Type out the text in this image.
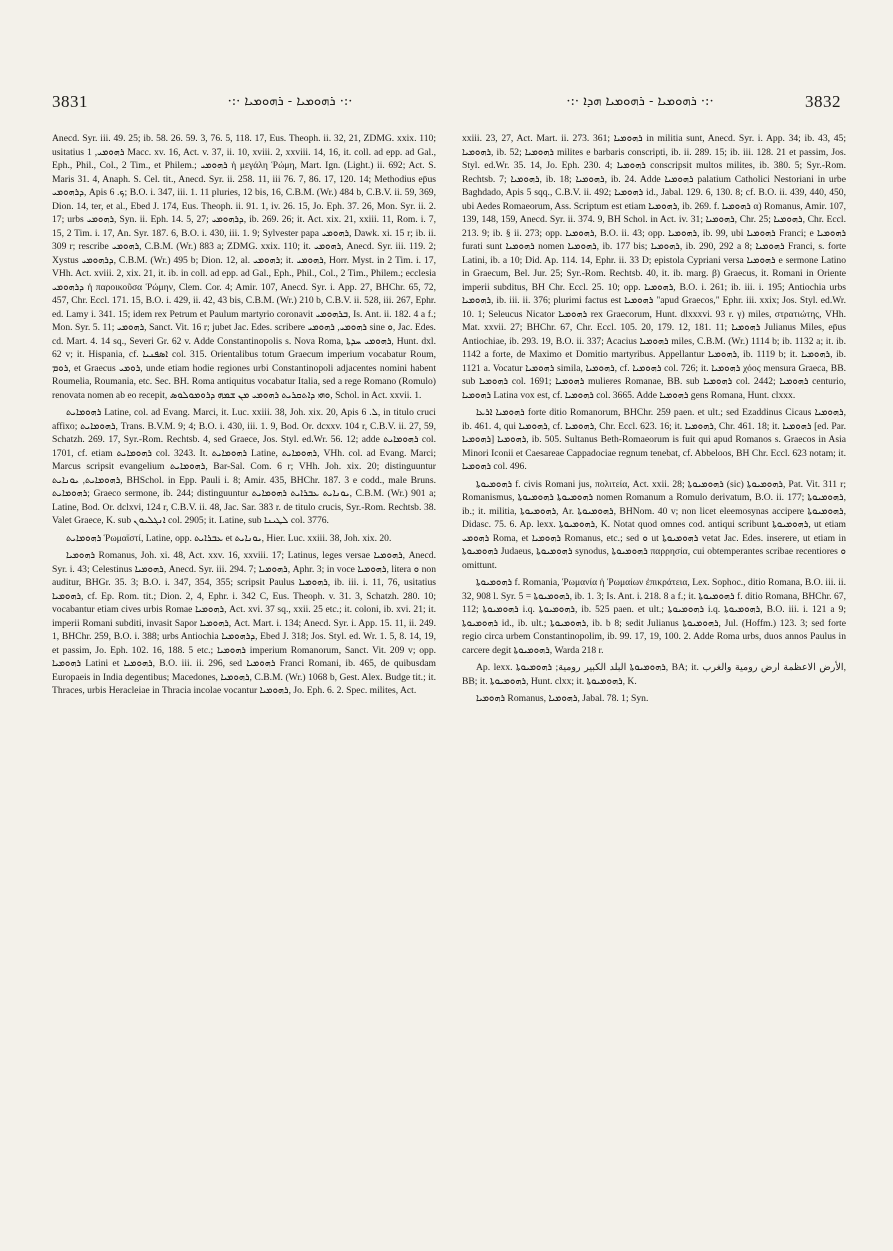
3831	·:· ܪܗܘܡܝܐ - ܪܗܘܡܝܐ ·:·	·:· ܪܗܘܡܝܐ - ܪܗܘܡܝܐ ܗܕܐ ·:·	3832

Anecd. Syr. iii. 49. 25; ib. 58. 26. 59. 3, 76. 5, 118. 17, Eus. Theoph. ii. 32, 21, ZDMG. xxix. 110; usitatius ܪܗܘܡܝ, 1 Macc. xv. 16, Act. v. 37, ii. 10, xviii. 2, xxviii. 14, 16, it. coll. ad epp. ad Gal., Eph., Phil., Col., 2 Tim., et Philem.; ܪܗܘܡܝ ἡ μεγάλη Ῥώμη, Mart. Ign. (Light.) ii. 692; Act. S. Maris 31. 4, Anaph. S. Cel. tit., Anecd. Syr. ii. 258. 11, iii 76. 7, 86. 17, 120. 14; Methodius ep̄us ܕܪܗܘܡܝ, Apis ܟ. 6; B.O. i. 347, iii. 1. 11 pluries, 12 bis, 16, C.B.M. (Wr.) 484 b, C.B.V. ii. 59, 369, Dion. 14, ter, et al., Ebed J. 174, Eus. Theoph. ii. 91. 1, iv. 26. 15, Jo. Eph. 37. 26, Mon. Syr. ii. 2. 17; urbs ܪܗܘܡܝ, Syn. ii. Eph. 14. 5, 27; ܕܪܗܘܡܝ, ib. 269. 26; it. Act. xix. 21, xxiii. 11, Rom. i. 7, 15, 2 Tim. i. 17, An. Syr. 187. 6, B.O. i. 430, iii. 1. 9; Sylvester papa ܪܗܘܡܝ, Dawk. xi. 15 r; ib. ii. 309 r; rescribe ܪܗܘܡܝ, C.B.M. (Wr.) 883 a; ZDMG. xxix. 110; it. ܪܗܘܡܝ, Anecd. Syr. iii. 119. 2; Xystus ܕܪܗܘܡܝ, C.B.M. (Wr.) 495 b; Dion. 12, al. ܪܗܘܡܝ; it. ܪܗܘܡܝ, Horr. Myst. in 2 Tim. i. 17, VHh. Act. xviii. 2, xix. 21, it. ib. in coll. ad epp. ad Gal., Eph., Phil., Col., 2 Tim., Philem.; ecclesia ܕܪܗܘܡܝ ἡ παροικοῦσα Ῥώμην, Clem. Cor. 4; Amir. 107, Anecd. Syr. i. App. 27, BHChr. 65, 72, 457, Chr. Eccl. 171. 15, B.O. i. 429, ii. 42, 43 bis, C.B.M. (Wr.) 210 b, C.B.V. ii. 528, iii. 267, Ephr. ed. Lamy i. 341. 15; idem rex Petrum et Paulum martyrio coronavit ܒܪܗܘܡܝ, Is. Ant. ii. 182. 4 a f.; Mon. Syr. 5. 11; ܪܗܘܡܝ, Sanct. Vit. 16 r; jubet Jac. Edes. scribere ܪܗܘܡܝ, ܪܗܘܡܝ sine ܘ, Jac. Edes. cd. Mart. 4. 14 sq., Severi Gr. 62 v. Adde Constantinopolis s. Nova Roma, ܪܗܘܡܝ ܚܕܬܐ, Hunt. dxl. 62 v; it. Hispania, cf. ܐܣܦܢܝܐ col. 315. Orientalibus totum Graecum imperium vocabatur Roum, ܪܘܡ, et Graecus ܪܘܡܝ, unde etiam hodie regiones urbi Constantinopoli adjacentes nomini habent Roumelia, Roumania, etc. Sec. BH. Roma antiquitus vocabatur Italia, sed a rege Romano (Romulo) renovata nomen ab eo recepit, ܘܗܝ ܕܐܬܩܪܝܬ ܪܗܘܡܝ ܡܢ ܫܡܗ ܕܪܘܡܘܠܘܣ, Schol. in Act. xxvii. 1.

ܪܗܘܡܐܝܬ Latine, col. ad Evang. Marci, it. Luc. xxiii. 38, Joh. xix. 20, Apis ܠ. 6, in titulo cruci affixo; ܪܗܘܡܐܝܬ, Trans. B.V.M. 9; 4; B.O. i. 430, iii. 1. 9, Bod. Or. dcxxv. 104 r, C.B.V. ii. 27, 59, Schatzh. 269. 17, Syr.-Rom. Rechtsb. 4, sed Graece, Jos. Styl. ed.Wr. 56. 12; adde ܪܗܘܡܐܝܬ col. 1701, cf. etiam ܪܗܘܡܐܝܬ col. 3243. It. ܪܗܘܡܐܝܬ Latine, ܪܗܘܡܐܝܬ, VHh. col. ad Evang. Marci; Marcus scripsit evangelium ܪܗܘܡܐܝܬ, Bar-Sal. Com. 6 r; VHh. Joh. xix. 20; distinguuntur ܪܗܘܡܐܝܬ, ܝܘܢܐܝܬ, BHSchol. in Epp. Pauli i. 8; Amir. 435, BHChr. 187. 3 e codd., male Bruns. ܪܗܘܡܐܝܬ; Graeco sermone, ib. 244; distinguuntur ܝܘܢܐܝܬ ܥܒܪܐܝܬ ܪܗܘܡܐܝܬ, C.B.M. (Wr.) 901 a; Latine, Bod. Or. dclxvi, 124 r, C.B.V. ii. 48, Jac. Sar. 383 r. de titulo crucis, Syr.-Rom. Rechtsb. 38. Valet Graece, K. sub ܐܢܓܠܝܘܢ col. 2905; it. Latine, sub ܠܛܝܢܐ col. 3776.

ܪܗܘܡܐܝܬ Ῥωμαϊστί, Latine, opp. ܥܒܪܐܝܬ et ܝܘܢܐܝܬ, Hier. Luc. xxiii. 38, Joh. xix. 20.

ܪܗܘܡܝܐ Romanus, Joh. xi. 48, Act. xxv. 16, xxviii. 17; Latinus, leges versae ܪܗܘܡܝܐ, Anecd. Syr. i. 43; Celestinus ܪܗܘܡܝܐ, Anecd. Syr. iii. 294. 7; ܪܗܘܡܝܐ, Aphr. 3; in voce ܪܗܘܡܝܐ, litera ܘ non auditur, BHGr. 35. 3; B.O. i. 347, 354, 355; scripsit Paulus ܪܗܘܡܝܐ, ib. iii. i. 11, 76, usitatius ܪܗܘܡܝܐ, cf. Ep. Rom. tit.; Dion. 2, 4, Ephr. i. 342 C, Eus. Theoph. v. 31. 3, Schatzh. 280. 10; vocabantur etiam cives urbis Romae ܪܗܘܡܝܐ, Act. xvi. 37 sq., xxii. 25 etc.; it. coloni, ib. xvi. 21; it. imperii Romani subditi, invasit Sapor ܪܗܘܡܝܐ, Act. Mart. i. 134; Anecd. Syr. i. App. 15. 11, ii. 249. 1, BHChr. 259, B.O. i. 388; urbs Antiochia ܕܪܗܘܡܝܐ, Ebed J. 318; Jos. Styl. ed. Wr. 1. 5, 8. 14, 19, et passim, Jo. Eph. 102. 16, 188. 5 etc.; ܪܗܘܡܝܐ imperium Romanorum, Sanct. Vit. 209 v; opp. ܪܗܘܡܝܐ Latini et ܪܗܘܡܝܐ, B.O. iii. ii. 296, sed ܪܗܘܡܝܐ Franci Romani, ib. 465, de quibusdam Europaeis in India degentibus; Macedones, ܪܗܘܡܝܐ, C.B.M. (Wr.) 1068 b, Gest. Alex. Budge tit.; it. Thraces, urbis Heracleiae in Thracia incolae vocantur ܪܗܘܡܝܐ, Jo. Eph. 6. 2. Spec. milites, Act.

xxiii. 23, 27, Act. Mart. ii. 273. 361; ܪܗܘܡܝܐ in militia sunt, Anecd. Syr. i. App. 34; ib. 43, 45; ܪܗܘܡܝܐ, ib. 52; ܪܗܘܡܝܐ milites e barbaris conscripti, ib. ii. 289. 15; ib. iii. 128. 21 et passim, Jos. Styl. ed.Wr. 35. 14, Jo. Eph. 230. 4; ܪܗܘܡܝܐ conscripsit multos milites, ib. 380. 5; Syr.-Rom. Rechtsb. 7; ܪܗܘܡܝܐ, ib. 18; ܪܗܘܡܝܐ, ib. 24. Adde ܪܗܘܡܝܐ palatium Catholici Nestoriani in urbe Baghdado, Apis 5 sqq., C.B.V. ii. 492; ܪܗܘܡܝܐ id., Jabal. 129. 6, 130. 8; cf. B.O. ii. 439, 440, 450, ubi Aedes Romaeorum, Ass. Scriptum est etiam ܪܗܘܡܝܐ, ib. 269. f. ܪܗܘܡܝܐ α) Romanus, Amir. 107, 139, 148, 159, Anecd. Syr. ii. 374. 9, BH Schol. in Act. iv. 31; ܪܗܘܡܝܐ, Chr. 25; ܪܗܘܡܝܐ, Chr. Eccl. 213. 9; ib. § ii. 273; opp. ܪܗܘܡܝܐ, B.O. ii. 43; opp. ܪܗܘܡܝܐ, ib. 99, ubi ܪܗܘܡܝܐ Franci; e ܪܗܘܡܝܐ furati sunt ܪܗܘܡܝܐ nomen ܪܗܘܡܝܐ, ib. 177 bis; ܪܗܘܡܝܐ, ib. 290, 292 a 8; ܪܗܘܡܝܐ Franci, s. forte Latini, ib. a 10; Did. Ap. 114. 14, Ephr. ii. 33 D; epistola Cypriani versa ܪܗܘܡܝܐ e sermone Latino in Graecum, Bel. Jur. 25; Syr.-Rom. Rechtsb. 40, it. ib. marg. β) Graecus, it. Romani in Oriente imperii subditus, BH Chr. Eccl. 25. 10; opp. ܪܗܘܡܝܐ, B.O. i. 261; ib. iii. i. 195; Antiochia urbs ܪܗܘܡܝܐ, ib. iii. ii. 376; plurimi factus est ܪܗܘܡܝܐ "apud Graecos," Ephr. iii. xxix; Jos. Styl. ed.Wr. 10. 1; Seleucus Nicator ܪܗܘܡܝܐ rex Graecorum, Hunt. dlxxxvi. 93 r. γ) miles, στρατιώτης, VHh. Mat. xxvii. 27; BHChr. 67, Chr. Eccl. 105. 20, 179. 12, 181. 11; ܪܗܘܡܝܐ Julianus Miles, ep̄us Antiochiae, ib. 293. 19, B.O. ii. 337; Acacius ܪܗܘܡܝܐ miles, C.B.M. (Wr.) 1114 b; ib. 1132 a; it. ib. 1142 a forte, de Maximo et Domitio martyribus. Appellantur ܪܗܘܡܝܐ, ib. 1119 b; it. ܪܗܘܡܝܐ, ib. 1121 a. Vocatur ܪܗܘܡܝܐ simila, ܪܗܘܡܝܐ, cf. ܪܗܘܡܝܐ col. 726; it. ܪܗܘܡܝܐ χόος mensura Graeca, BB. sub ܪܗܘܡܝܐ col. 1691; ܪܗܘܡܝܐ mulieres Romanae, BB. sub ܪܗܘܡܝܐ col. 2442; ܪܗܘܡܝܐ centurio, ܪܗܘܡܝܐ Latina vox est, cf. ܪܗܘܡܝܐ col. 3665. Adde ܪܗܘܡܝܐ gens Romana, Hunt. clxxx.

ܪܗܘܡܝܐ ܐܪܥܐ forte ditio Romanorum, BHChr. 259 paen. et ult.; sed Ezaddinus Cicaus ܪܗܘܡܝܐ, ib. 461. 4, qui ܪܗܘܡܝܐ, cf. ܪܗܘܡܝܐ, Chr. Eccl. 623. 16; it. ܪܗܘܡܝܐ, Chr. 461. 18; it. ܪܗܘܡܝܐ [ed. Par. ܪܗܘܡܝܐ] ܪܗܘܡܝܐ, ib. 505. Sultanus Beth-Romaeorum is fuit qui apud Romanos s. Graecos in Asia Minori Iconii et Caesareae Cappadociae regnum tenebat, cf. Abbeloos, BH Chr. Eccl. 623 notam; it. ܪܗܘܡܝܐ col. 496.

ܪܗܘܡܝܘܬܐ f. civis Romani jus, πολιτεία, Act. xxii. 28; ܪܗܘܡܝܘܬܐ (sic) ܪܗܘܡܝܘܬܐ, Pat. Vit. 311 r; Romanismus, ܪܗܘܡܝܘܬܐ ܪܗܘܡܝܘܬܐ nomen Romanum a Romulo derivatum, B.O. ii. 177; ܪܗܘܡܝܘܬܐ, ib.; it. militia, ܪܗܘܡܝܘܬܐ, Ar. ܪܗܘܡܝܘܬܐ, BHNom. 40 v; non licet eleemosynas accipere ܪܗܘܡܝܘܬܐ, Didasc. 75. 6. Ap. lexx. ܪܗܘܡܝܘܬܐ, K. Notat quod omnes cod. antiqui scribunt ܪܗܘܡܝܘܬܐ, ut etiam ܪܗܘܡܝ Roma, et ܪܗܘܡܝܐ Romanus, etc.; sed ܘ ut ܪܗܘܡܝܘܬܐ vetat Jac. Edes. inserere, ut etiam in ܪܗܘܡܝܘܬܐ Judaeus, ܪܗܘܡܝܘܬܐ synodus, ܪܗܘܡܝܘܬܐ παρρησία, cui obtemperantes scribae recentiores ܘ omittunt.

ܪܗܘܡܝܘܬܐ f. Romania, Ῥωμανία ἡ Ῥωμαίων ἐπικράτεια, Lex. Sophoc., ditio Romana, B.O. iii. ii. 32, 908 l. Syr. 5 = ܪܗܘܡܝܘܬܐ, ib. 1. 3; Is. Ant. i. 218. 8 a f.; it. ܪܗܘܡܝܘܬܐ f. ditio Romana, BHChr. 67, 112; ܪܗܘܡܝܘܬܐ i.q. ܪܗܘܡܝܘܬܐ, ib. 525 paen. et ult.; ܪܗܘܡܝܘܬܐ i.q. ܪܗܘܡܝܘܬܐ, B.O. iii. i. 121 a 9; ܪܗܘܡܝܘܬܐ id., ib. ult.; ܪܗܘܡܝܘܬܐ, ib. b 8; sedit Julianus ܪܗܘܡܝܘܬܐ, Jul. (Hoffm.) 123. 3; sed forte regio circa urbem Constantinopolim, ib. 99. 17, 19, 100. 2. Adde Roma urbs, duos annos Paulus in carcere degit ܪܗܘܡܝܘܬܐ, Warda 218 r.

Ap. lexx. ܪܗܘܡܝܘܬܐ البلد الكبير رومية; ܪܗܘܡܝܘܬܐ, BA; it. الأرض الاعظمة ارض رومية والغرب, BB; it. ܪܗܘܡܝܘܬܐ, Hunt. clxx; it. ܪܗܘܡܝܘܬܐ, K.

ܪܗܘܡܝܐ Romanus, ܪܗܘܡܝܐ, Jabal. 78. 1; Syn.
